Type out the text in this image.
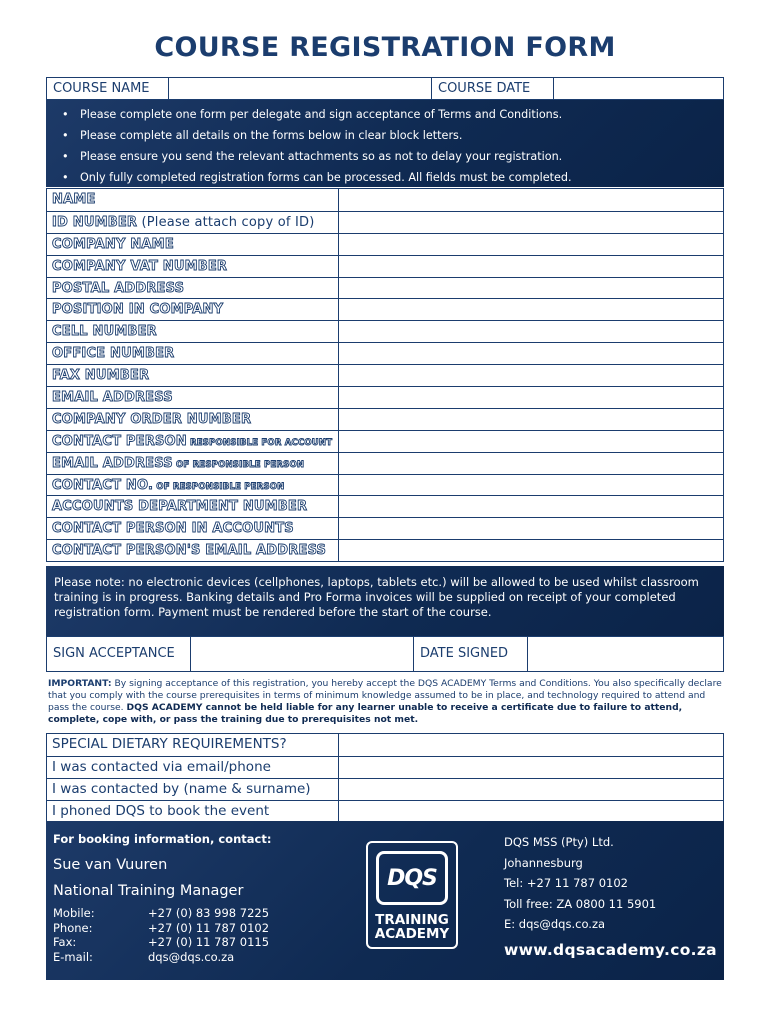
COURSE REGISTRATION FORM
COURSE NAME	COURSE DATE
• Please complete one form per delegate and sign acceptance of Terms and Conditions.
• Please complete all details on the forms below in clear block letters.
• Please ensure you send the relevant attachments so as not to delay your registration.
• Only fully completed registration forms can be processed. All fields must be completed.
NAME
ID NUMBER (Please attach copy of ID)
COMPANY NAME
COMPANY VAT NUMBER
POSTAL ADDRESS
POSITION IN COMPANY
CELL NUMBER
OFFICE NUMBER
FAX NUMBER
EMAIL ADDRESS
COMPANY ORDER NUMBER
CONTACT PERSON RESPONSIBLE FOR ACCOUNT
EMAIL ADDRESS OF RESPONSIBLE PERSON
CONTACT NO. OF RESPONSIBLE PERSON
ACCOUNTS DEPARTMENT NUMBER
CONTACT PERSON IN ACCOUNTS
CONTACT PERSON'S EMAIL ADDRESS

Please note: no electronic devices (cellphones, laptops, tablets etc.) will be allowed to be used whilst classroom training is in progress. Banking details and Pro Forma invoices will be supplied on receipt of your completed registration form. Payment must be rendered before the start of the course.

SIGN ACCEPTANCE	DATE SIGNED
IMPORTANT: By signing acceptance of this registration, you hereby accept the DQS ACADEMY Terms and Conditions. You also specifically declare that you comply with the course prerequisites in terms of minimum knowledge assumed to be in place, and technology required to attend and pass the course. DQS ACADEMY cannot be held liable for any learner unable to receive a certificate due to failure to attend, complete, cope with, or pass the training due to prerequisites not met.
SPECIAL DIETARY REQUIREMENTS?
I was contacted via email/phone
I was contacted by (name & surname)
I phoned DQS to book the event
For booking information, contact:
Sue van Vuuren
National Training Manager
Mobile:	+27 (0) 83 998 7225
Phone:	+27 (0) 11 787 0102
Fax:	+27 (0) 11 787 0115
E-mail:	dqs@dqs.co.za
DQS
TRAINING
ACADEMY
DQS MSS (Pty) Ltd.
Johannesburg
Tel: +27 11 787 0102
Toll free: ZA 0800 11 5901
E: dqs@dqs.co.za
www.dqsacademy.co.za
